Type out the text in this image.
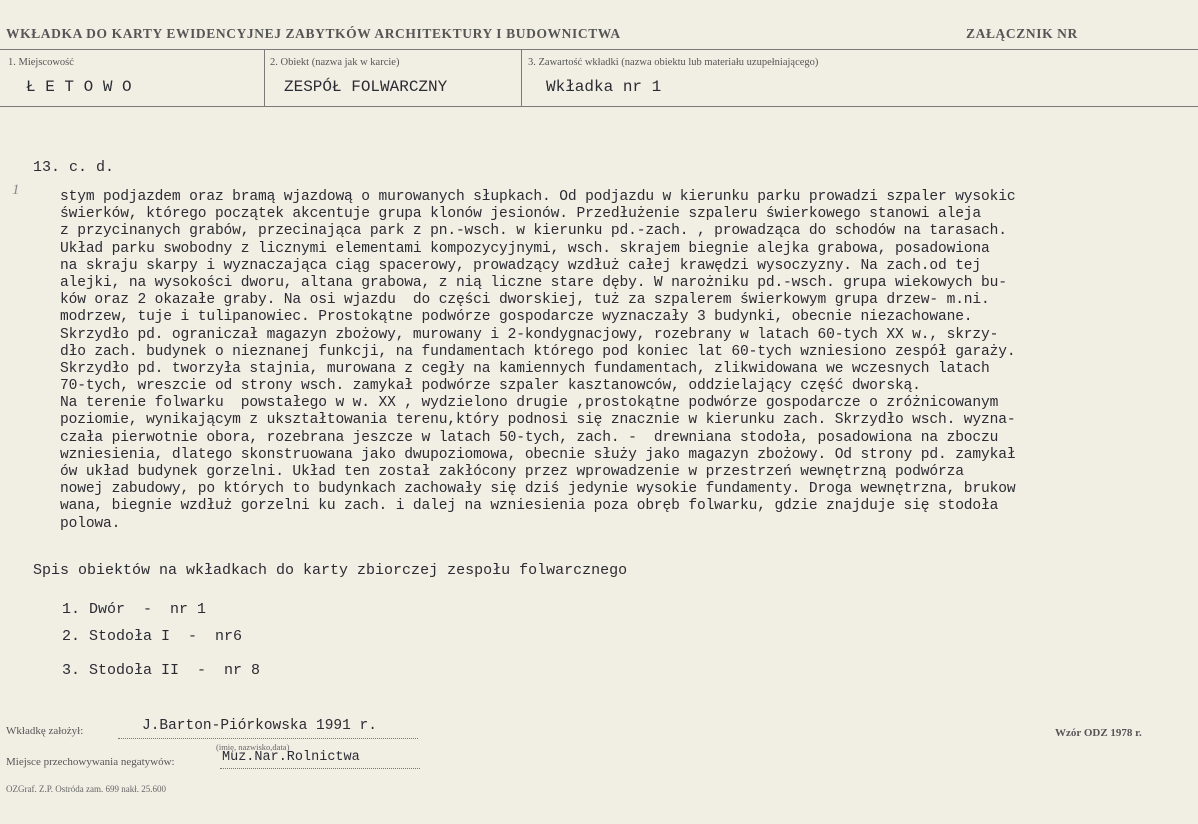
WKŁADKA DO KARTY EWIDENCYJNEJ ZABYTKÓW ARCHITEKTURY I BUDOWNICTWA	ZAŁĄCZNIK NR
1. Miejscowość
Ł E T O W O
2. Obiekt (nazwa jak w karcie)
ZESPÓŁ FOLWARCZNY
3. Zawartość wkładki (nazwa obiektu lub materiału uzupełniającego)
Wkładka nr 1
13. c. d.
1	stym podjazdem oraz bramą wjazdową o murowanych słupkach. Od podjazdu w kierunku parku prowadzi szpaler wysokic
świerków, którego początek akcentuje grupa klonów jesionów. Przedłużenie szpaleru świerkowego stanowi aleja
z przycinanych grabów, przecinająca park z pn.-wsch. w kierunku pd.-zach. , prowadząca do schodów na tarasach.
Układ parku swobodny z licznymi elementami kompozycyjnymi, wsch. skrajem biegnie alejka grabowa, posadowiona
na skraju skarpy i wyznaczająca ciąg spacerowy, prowadzący wzdłuż całej krawędzi wysoczyzny. Na zach.od tej
alejki, na wysokości dworu, altana grabowa, z nią liczne stare dęby. W narożniku pd.-wsch. grupa wiekowych bu-
ków oraz 2 okazałe graby. Na osi wjazdu  do części dworskiej, tuż za szpalerem świerkowym grupa drzew- m.ni.
modrzew, tuje i tulipanowiec. Prostokątne podwórze gospodarcze wyznaczały 3 budynki, obecnie niezachowane.
Skrzydło pd. ograniczał magazyn zbożowy, murowany i 2-kondygnacjowy, rozebrany w latach 60-tych XX w., skrzy-
dło zach. budynek o nieznanej funkcji, na fundamentach którego pod koniec lat 60-tych wzniesiono zespół garaży.
Skrzydło pd. tworzyła stajnia, murowana z cegły na kamiennych fundamentach, zlikwidowana we wczesnych latach
70-tych, wreszcie od strony wsch. zamykał podwórze szpaler kasztanowców, oddzielający część dworską.
Na terenie folwarku  powstałego w w. XX , wydzielono drugie ,prostokątne podwórze gospodarcze o zróżnicowanym
poziomie, wynikającym z ukształtowania terenu,który podnosi się znacznie w kierunku zach. Skrzydło wsch. wyzna-
czała pierwotnie obora, rozebrana jeszcze w latach 50-tych, zach. -  drewniana stodoła, posadowiona na zboczu
wzniesienia, dlatego skonstruowana jako dwupoziomowa, obecnie służy jako magazyn zbożowy. Od strony pd. zamykał
ów układ budynek gorzelni. Układ ten został zakłócony przez wprowadzenie w przestrzeń wewnętrzną podwórza
nowej zabudowy, po których to budynkach zachowały się dziś jedynie wysokie fundamenty. Droga wewnętrzna, brukow
wana, biegnie wzdłuż gorzelni ku zach. i dalej na wzniesienia poza obręb folwarku, gdzie znajduje się stodoła
polowa.
Spis obiektów na wkładkach do karty zbiorczej zespołu folwarcznego
1. Dwór  -  nr 1
2. Stodoła I  -  nr6
3. Stodoła II  -  nr 8
Wkładkę założył:	J.Barton-Piórkowska 1991 r.
(imię, nazwisko,data)
Wzór ODZ 1978 r.
Miejsce przechowywania negatywów:	Muz.Nar.Rolnictwa
OZGraf. Z.P. Ostróda zam. 699 nakł. 25.600
